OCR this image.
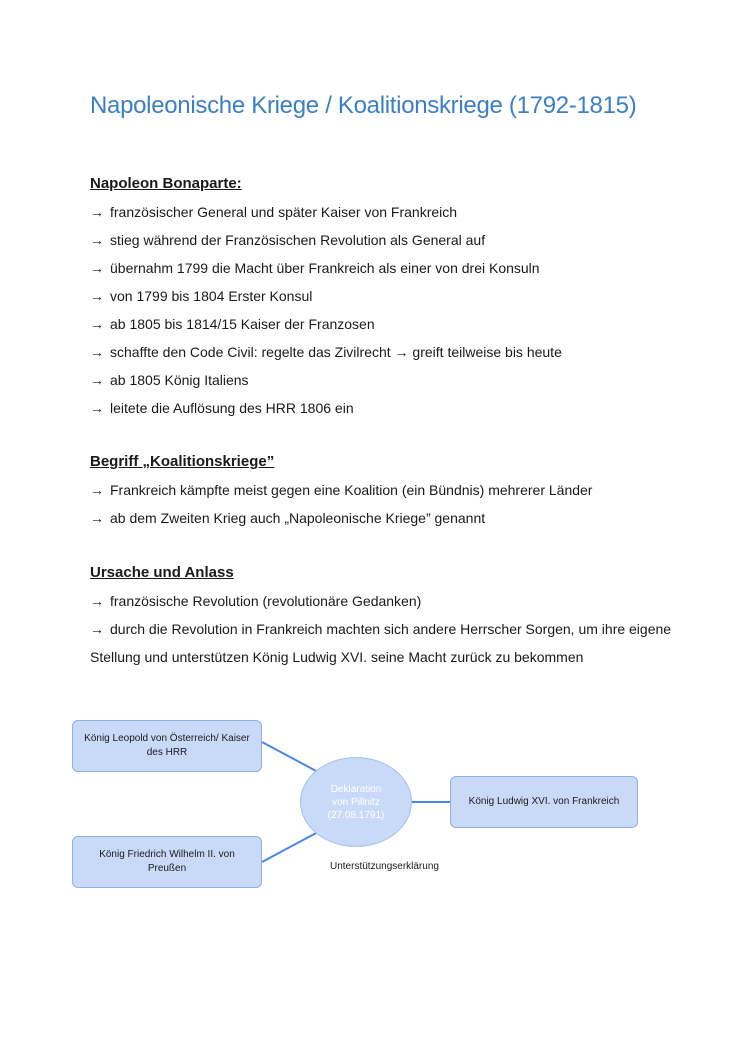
Napoleonische Kriege / Koalitionskriege (1792-1815)
Napoleon Bonaparte:
→ französischer General und später Kaiser von Frankreich
→ stieg während der Französischen Revolution als General auf
→ übernahm 1799 die Macht über Frankreich als einer von drei Konsuln
→ von 1799 bis 1804 Erster Konsul
→ ab 1805 bis 1814/15 Kaiser der Franzosen
→ schaffte den Code Civil: regelte das Zivilrecht → greift teilweise bis heute
→ ab 1805 König Italiens
→ leitete die Auflösung des HRR 1806 ein
Begriff „Koalitionskriege”
→ Frankreich kämpfte meist gegen eine Koalition (ein Bündnis) mehrerer Länder
→ ab dem Zweiten Krieg auch „Napoleonische Kriege” genannt
Ursache und Anlass
→ französische Revolution (revolutionäre Gedanken)
→ durch die Revolution in Frankreich machten sich andere Herrscher Sorgen, um ihre eigene
Stellung und unterstützen König Ludwig XVI. seine Macht zurück zu bekommen
König Leopold von Österreich/ Kaiser des HRR
König Friedrich Wilhelm II. von Preußen
König Ludwig XVI. von Frankreich
Deklaration
von Pillnitz
(27.08.1791)
Unterstützungserklärung
